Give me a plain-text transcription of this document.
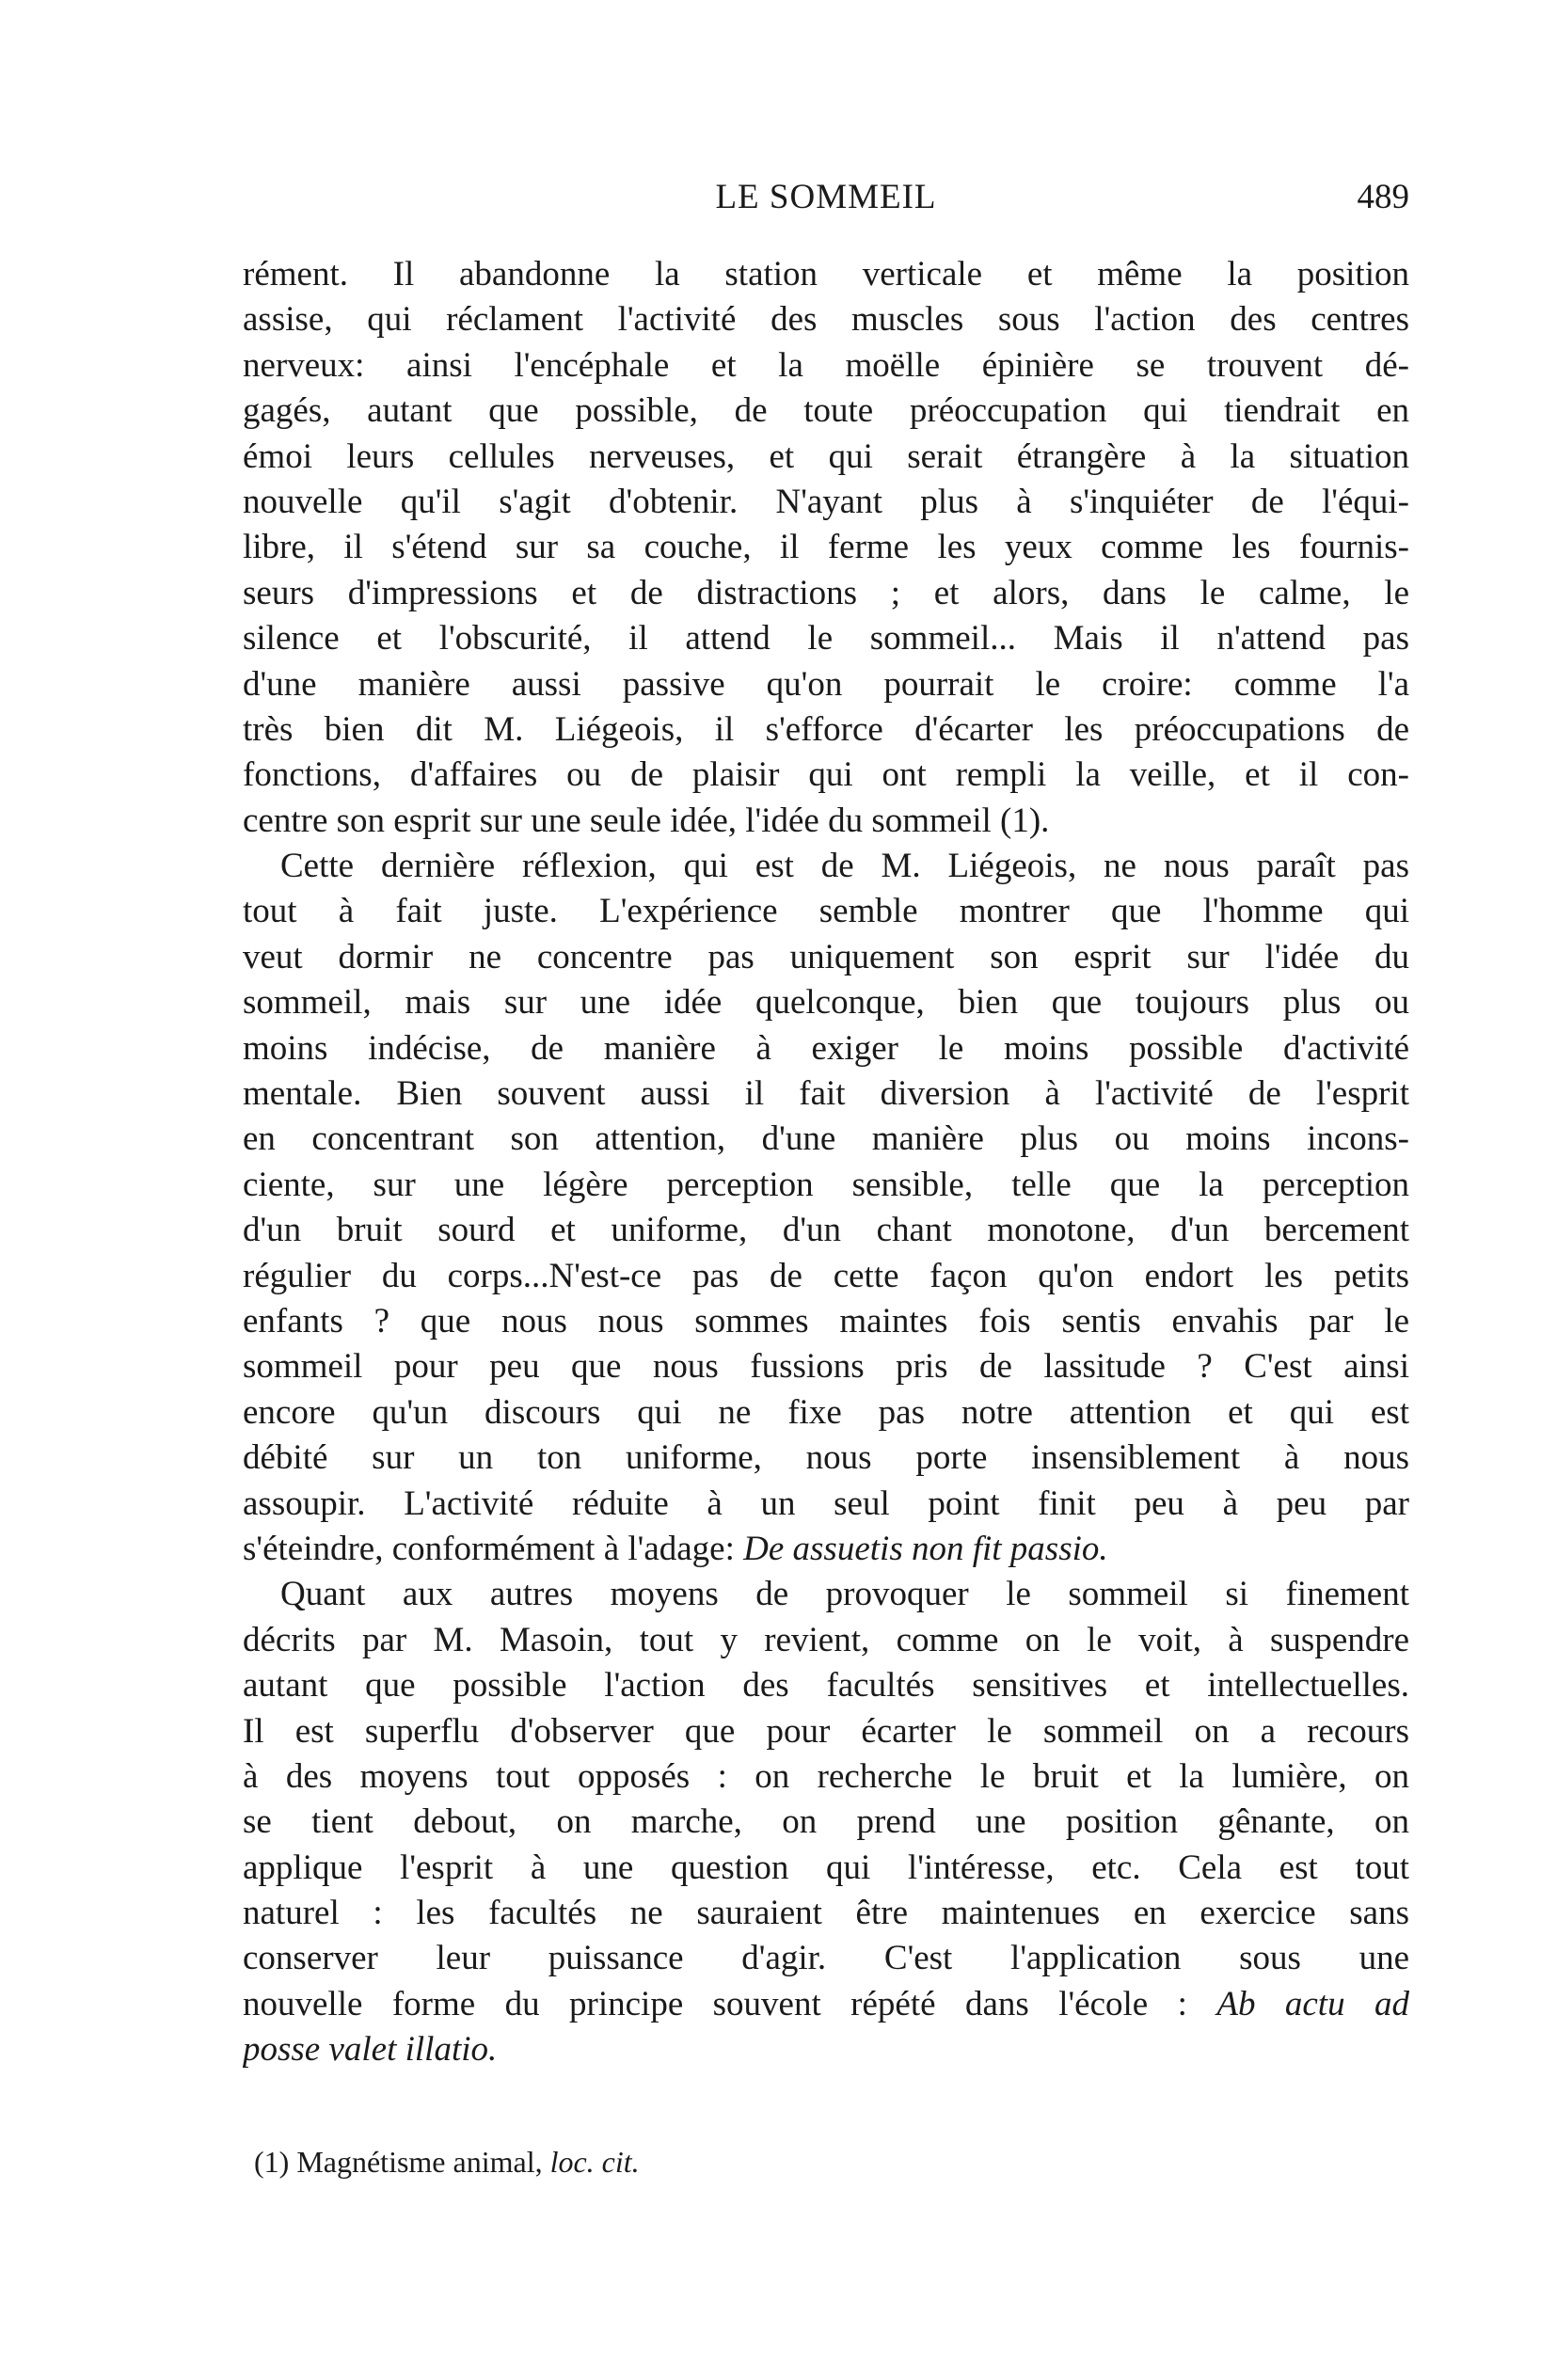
LE SOMMEIL	489
rément. Il abandonne la station verticale et même la position
assise, qui réclament l'activité des muscles sous l'action des centres
nerveux: ainsi l'encéphale et la moëlle épinière se trouvent dé-
gagés, autant que possible, de toute préoccupation qui tiendrait en
émoi leurs cellules nerveuses, et qui serait étrangère à la situation
nouvelle qu'il s'agit d'obtenir. N'ayant plus à s'inquiéter de l'équi-
libre, il s'étend sur sa couche, il ferme les yeux comme les fournis-
seurs d'impressions et de distractions ; et alors, dans le calme, le
silence et l'obscurité, il attend le sommeil... Mais il n'attend pas
d'une manière aussi passive qu'on pourrait le croire: comme l'a
très bien dit M. Liégeois, il s'efforce d'écarter les préoccupations de
fonctions, d'affaires ou de plaisir qui ont rempli la veille, et il con-
centre son esprit sur une seule idée, l'idée du sommeil (1).
Cette dernière réflexion, qui est de M. Liégeois, ne nous paraît pas
tout à fait juste. L'expérience semble montrer que l'homme qui
veut dormir ne concentre pas uniquement son esprit sur l'idée du
sommeil, mais sur une idée quelconque, bien que toujours plus ou
moins indécise, de manière à exiger le moins possible d'activité
mentale. Bien souvent aussi il fait diversion à l'activité de l'esprit
en concentrant son attention, d'une manière plus ou moins incons-
ciente, sur une légère perception sensible, telle que la perception
d'un bruit sourd et uniforme, d'un chant monotone, d'un bercement
régulier du corps...N'est-ce pas de cette façon qu'on endort les petits
enfants ? que nous nous sommes maintes fois sentis envahis par le
sommeil pour peu que nous fussions pris de lassitude ? C'est ainsi
encore qu'un discours qui ne fixe pas notre attention et qui est
débité sur un ton uniforme, nous porte insensiblement à nous
assoupir. L'activité réduite à un seul point finit peu à peu par
s'éteindre, conformément à l'adage: De assuetis non fit passio.
Quant aux autres moyens de provoquer le sommeil si finement
décrits par M. Masoin, tout y revient, comme on le voit, à suspendre
autant que possible l'action des facultés sensitives et intellectuelles.
Il est superflu d'observer que pour écarter le sommeil on a recours
à des moyens tout opposés : on recherche le bruit et la lumière, on
se tient debout, on marche, on prend une position gênante, on
applique l'esprit à une question qui l'intéresse, etc. Cela est tout
naturel : les facultés ne sauraient être maintenues en exercice sans
conserver leur puissance d'agir. C'est l'application sous une
nouvelle forme du principe souvent répété dans l'école : Ab actu ad
posse valet illatio.
(1) Magnétisme animal, loc. cit.
